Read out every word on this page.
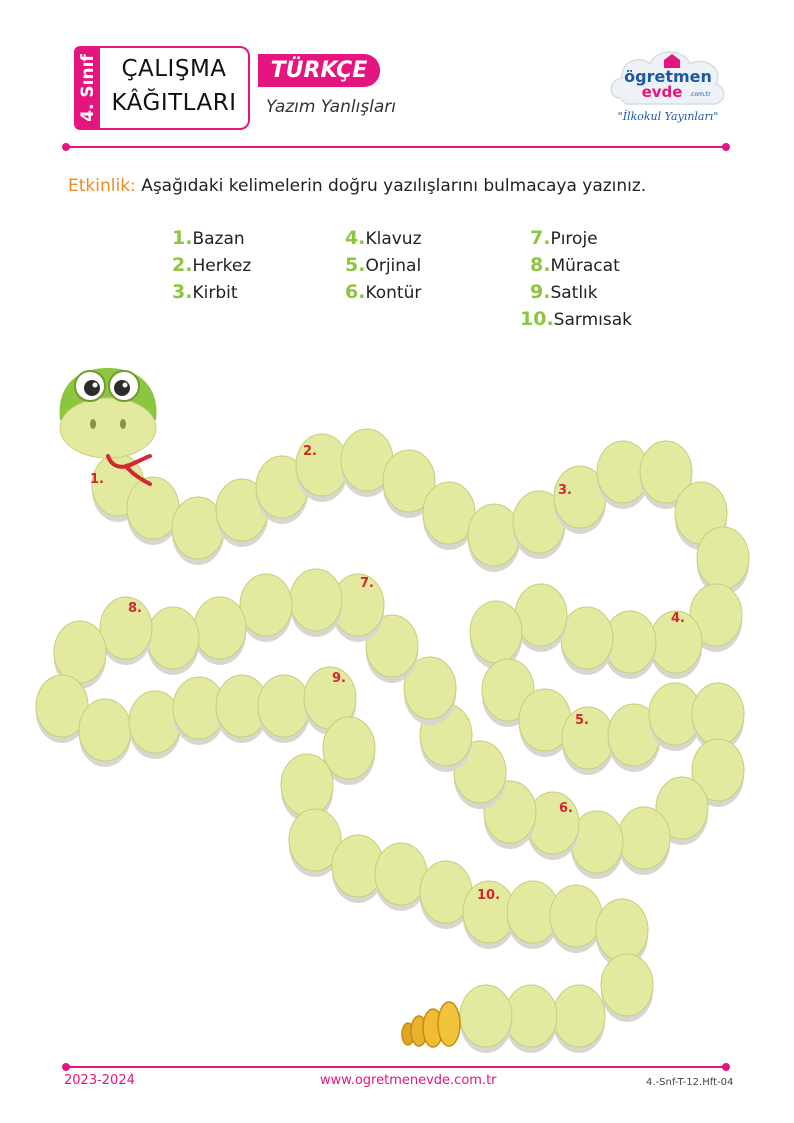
4. Sınıf	ÇALIŞMA
KÂĞITLARI
TÜRKÇE
Yazım Yanlışları
ögretmen
evde .com.tr
"İlkokul Yayınları"
Etkinlik: Aşağıdaki kelimelerin doğru yazılışlarını bulmacaya yazınız.
1.Bazan
2.Herkez
3.Kirbit
4.Klavuz
5.Orjinal
6.Kontür
7.Pıroje
8.Müracat
9.Satlık
10.Sarmısak
1.
2.
3.
4.
5.
6.
7.
8.
9.
10.
2023-2024	www.ogretmenevde.com.tr	4.-Snf-T-12.Hft-04
